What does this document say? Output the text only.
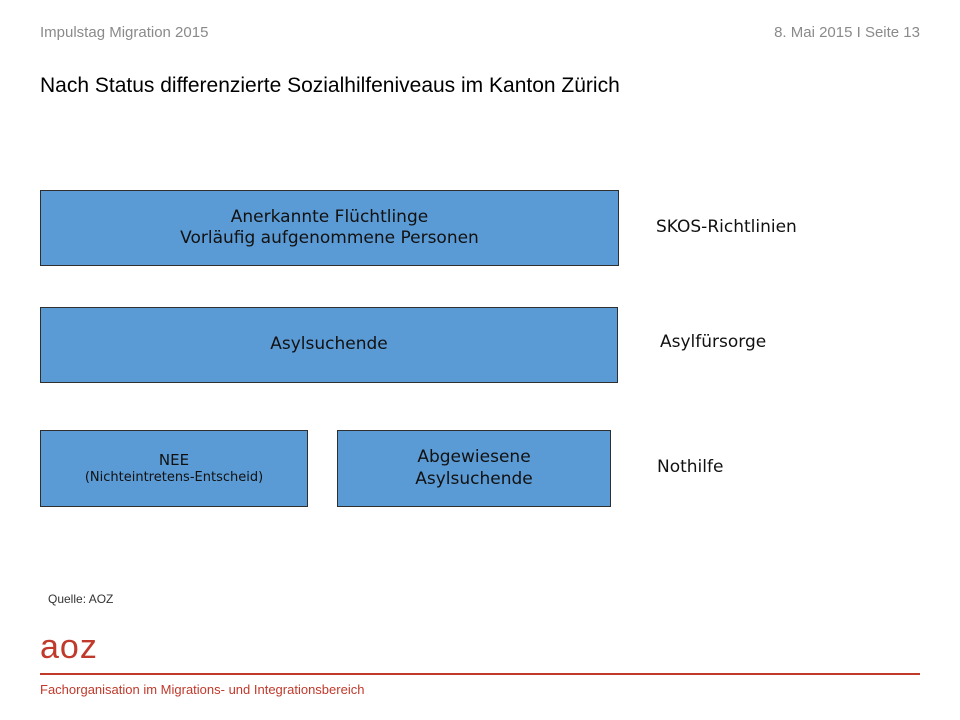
Impulstag Migration 2015	8. Mai 2015 I Seite 13
Nach Status differenzierte Sozialhilfeniveaus im Kanton Zürich
Anerkannte Flüchtlinge
Vorläufig aufgenommene Personen
Asylsuchende
NEE
(Nichteintretens-Entscheid)
Abgewiesene
Asylsuchende
SKOS-Richtlinien
Asylfürsorge
Nothilfe
Quelle: AOZ
aoz
Fachorganisation im Migrations- und Integrationsbereich
